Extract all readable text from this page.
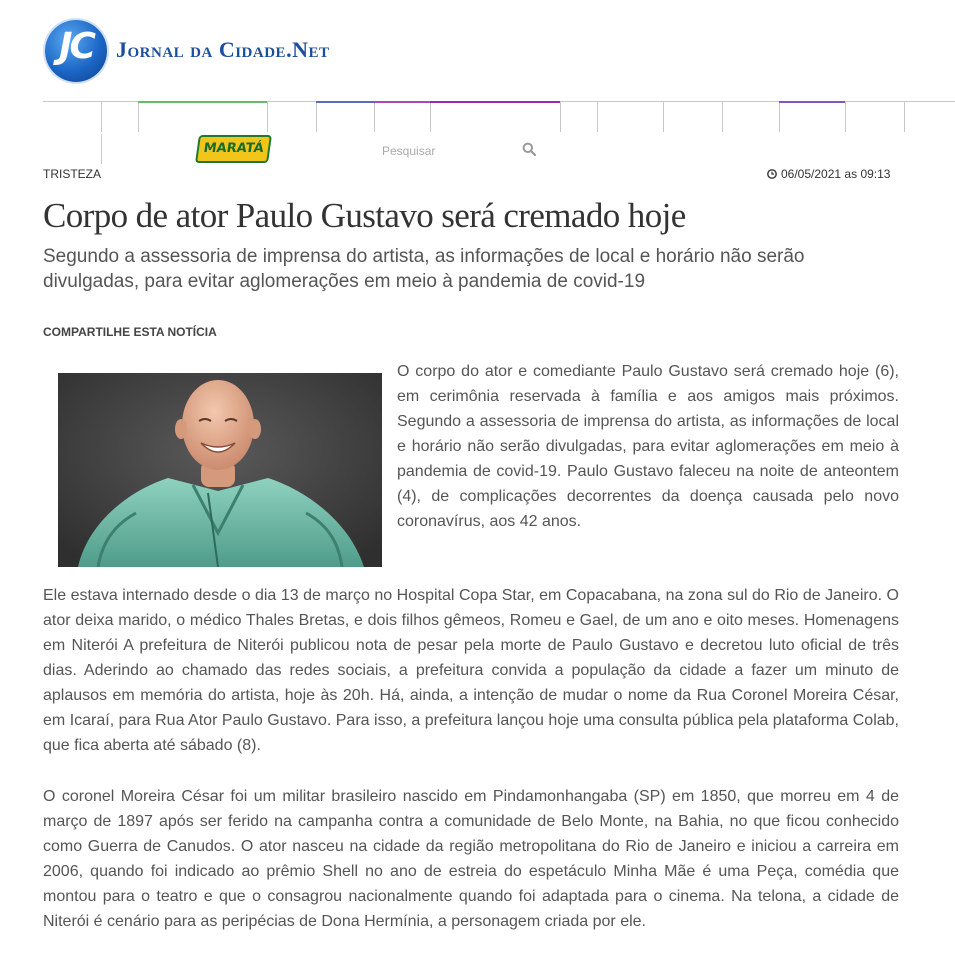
JC	Jornal da Cidade.Net
MARATÁ
Pesquisar
TRISTEZA	06/05/2021 as 09:13
Corpo de ator Paulo Gustavo será cremado hoje

Segundo a assessoria de imprensa do artista, as informações de local e horário não serão divulgadas, para evitar aglomerações em meio à pandemia de covid-19

COMPARTILHE ESTA NOTÍCIA

O corpo do ator e comediante Paulo Gustavo será cremado hoje (6), em cerimônia reservada à família e aos amigos mais próximos. Segundo a assessoria de imprensa do artista, as informações de local e horário não serão divulgadas, para evitar aglomerações em meio à pandemia de covid-19. Paulo Gustavo faleceu na noite de anteontem (4), de complicações decorrentes da doença causada pelo novo coronavírus, aos 42 anos.

Ele estava internado desde o dia 13 de março no Hospital Copa Star, em Copacabana, na zona sul do Rio de Janeiro. O ator deixa marido, o médico Thales Bretas, e dois filhos gêmeos, Romeu e Gael, de um ano e oito meses. Homenagens em Niterói A prefeitura de Niterói publicou nota de pesar pela morte de Paulo Gustavo e decretou luto oficial de três dias. Aderindo ao chamado das redes sociais, a prefeitura convida a população da cidade a fazer um minuto de aplausos em memória do artista, hoje às 20h. Há, ainda, a intenção de mudar o nome da Rua Coronel Moreira César, em Icaraí, para Rua Ator Paulo Gustavo. Para isso, a prefeitura lançou hoje uma consulta pública pela plataforma Colab, que fica aberta até sábado (8).

O coronel Moreira César foi um militar brasileiro nascido em Pindamonhangaba (SP) em 1850, que morreu em 4 de março de 1897 após ser ferido na campanha contra a comunidade de Belo Monte, na Bahia, no que ficou conhecido como Guerra de Canudos. O ator nasceu na cidade da região metropolitana do Rio de Janeiro e iniciou a carreira em 2006, quando foi indicado ao prêmio Shell no ano de estreia do espetáculo Minha Mãe é uma Peça, comédia que montou para o teatro e que o consagrou nacionalmente quando foi adaptada para o cinema. Na telona, a cidade de Niterói é cenário para as peripécias de Dona Hermínia, a personagem criada por ele.
